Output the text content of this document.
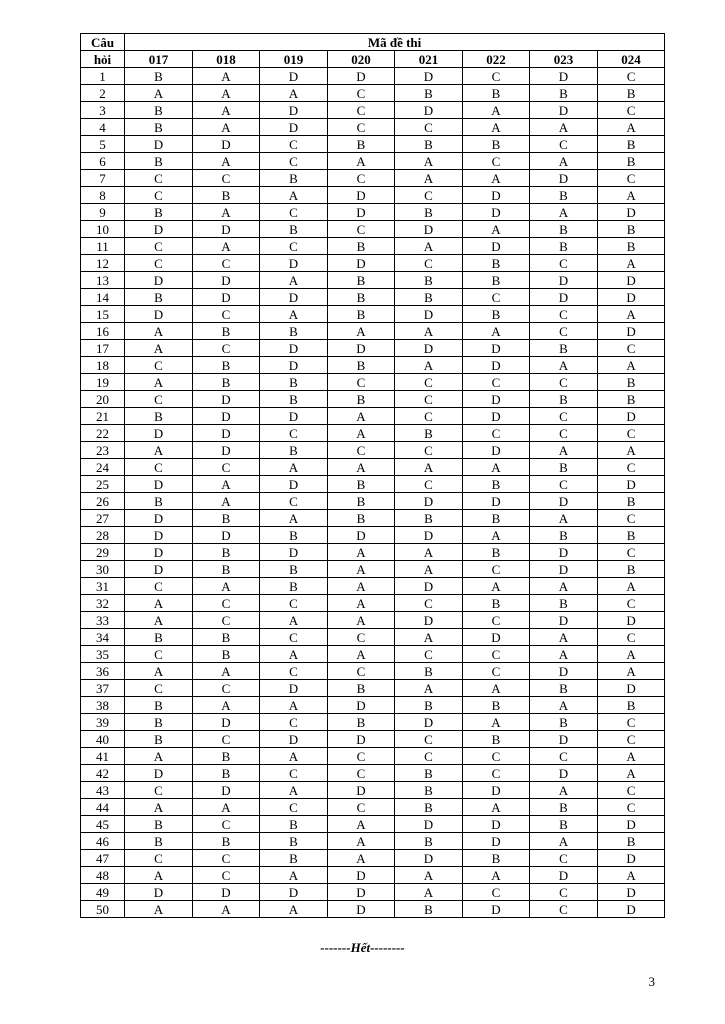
Câu	Mã đề thi							
hỏi	017	018	019	020	021	022	023	024
1	B	A	D	D	D	C	D	C
2	A	A	A	C	B	B	B	B
3	B	A	D	C	D	A	D	C
4	B	A	D	C	C	A	A	A
5	D	D	C	B	B	B	C	B
6	B	A	C	A	A	C	A	B
7	C	C	B	C	A	A	D	C
8	C	B	A	D	C	D	B	A
9	B	A	C	D	B	D	A	D
10	D	D	B	C	D	A	B	B
11	C	A	C	B	A	D	B	B
12	C	C	D	D	C	B	C	A
13	D	D	A	B	B	B	D	D
14	B	D	D	B	B	C	D	D
15	D	C	A	B	D	B	C	A
16	A	B	B	A	A	A	C	D
17	A	C	D	D	D	D	B	C
18	C	B	D	B	A	D	A	A
19	A	B	B	C	C	C	C	B
20	C	D	B	B	C	D	B	B
21	B	D	D	A	C	D	C	D
22	D	D	C	A	B	C	C	C
23	A	D	B	C	C	D	A	A
24	C	C	A	A	A	A	B	C
25	D	A	D	B	C	B	C	D
26	B	A	C	B	D	D	D	B
27	D	B	A	B	B	B	A	C
28	D	D	B	D	D	A	B	B
29	D	B	D	A	A	B	D	C
30	D	B	B	A	A	C	D	B
31	C	A	B	A	D	A	A	A
32	A	C	C	A	C	B	B	C
33	A	C	A	A	D	C	D	D
34	B	B	C	C	A	D	A	C
35	C	B	A	A	C	C	A	A
36	A	A	C	C	B	C	D	A
37	C	C	D	B	A	A	B	D
38	B	A	A	D	B	B	A	B
39	B	D	C	B	D	A	B	C
40	B	C	D	D	C	B	D	C
41	A	B	A	C	C	C	C	A
42	D	B	C	C	B	C	D	A
43	C	D	A	D	B	D	A	C
44	A	A	C	C	B	A	B	C
45	B	C	B	A	D	D	B	D
46	B	B	B	A	B	D	A	B
47	C	C	B	A	D	B	C	D
48	A	C	A	D	A	A	D	A
49	D	D	D	D	A	C	C	D
50	A	A	A	D	B	D	C	D
-------Hết--------
3
